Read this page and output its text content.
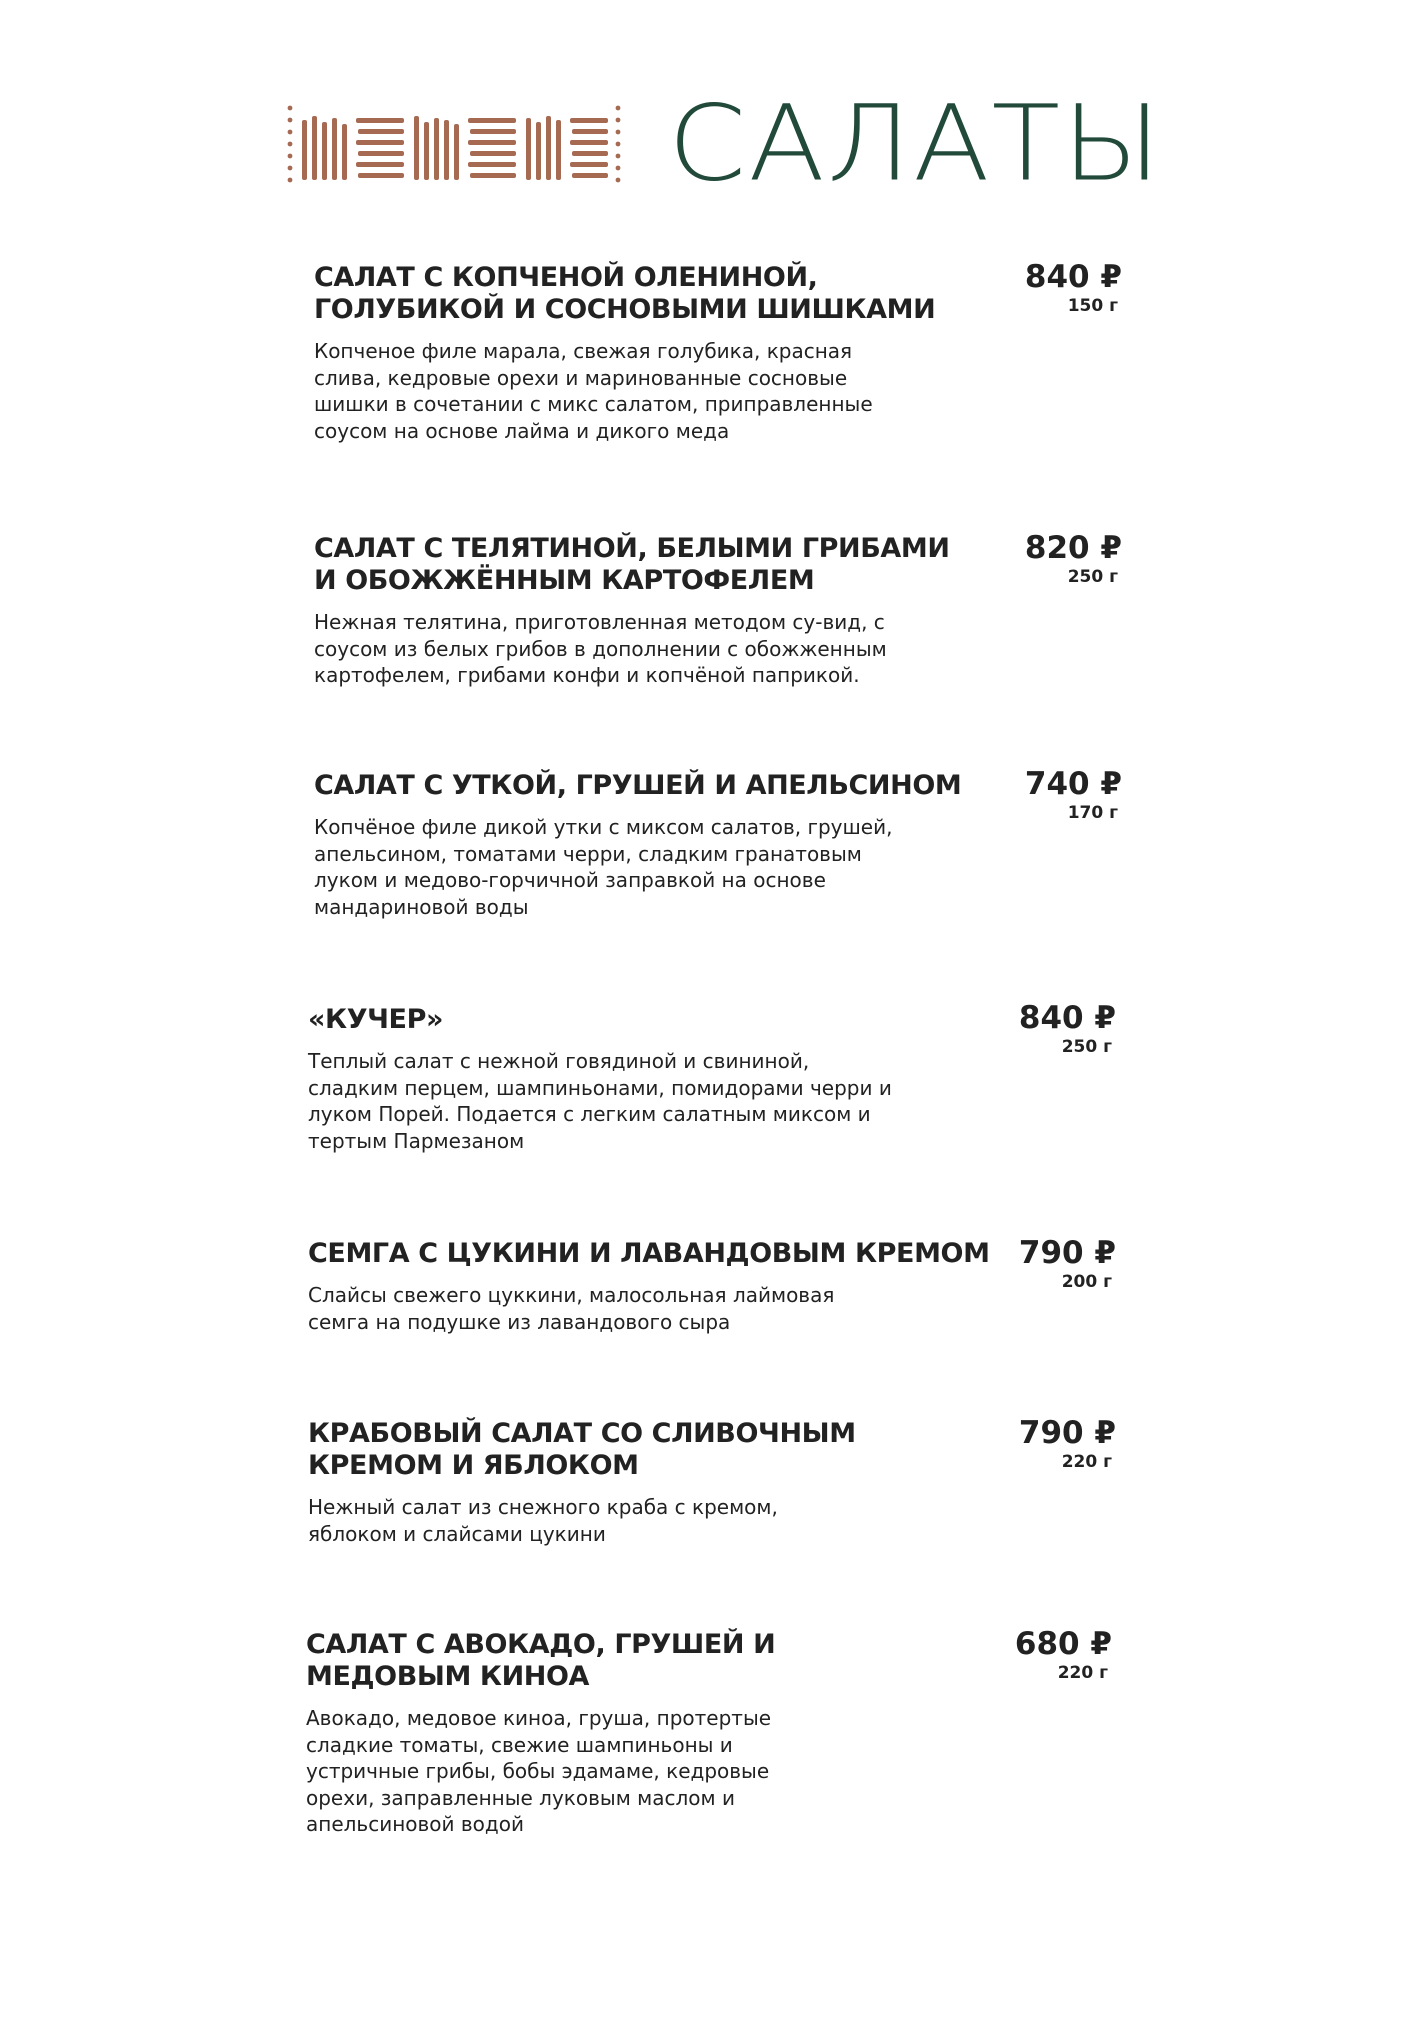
САЛАТЫ
САЛАТ С КОПЧЕНОЙ ОЛЕНИНОЙ,
ГОЛУБИКОЙ И СОСНОВЫМИ ШИШКАМИ
Копченое филе марала, свежая голубика, красная
слива, кедровые орехи и маринованные сосновые
шишки в сочетании с микс салатом, приправленные
соусом на основе лайма и дикого меда
840 ₽
150 г
САЛАТ С ТЕЛЯТИНОЙ, БЕЛЫМИ ГРИБАМИ
И ОБОЖЖЁННЫМ КАРТОФЕЛЕМ
Нежная телятина, приготовленная методом су-вид, с
соусом из белых грибов в дополнении с обожженным
картофелем, грибами конфи и копчёной паприкой.
820 ₽
250 г
САЛАТ С УТКОЙ, ГРУШЕЙ И АПЕЛЬСИНОМ
Копчёное филе дикой утки с миксом салатов, грушей,
апельсином, томатами черри, сладким гранатовым
луком и медово-горчичной заправкой на основе
мандариновой воды
740 ₽
170 г
«КУЧЕР»
Теплый салат с нежной говядиной и свининой,
сладким перцем, шампиньонами, помидорами черри и
луком Порей. Подается с легким салатным миксом и
тертым Пармезаном
840 ₽
250 г
СЕМГА С ЦУКИНИ И ЛАВАНДОВЫМ КРЕМОМ
Слайсы свежего цуккини, малосольная лаймовая
семга на подушке из лавандового сыра
790 ₽
200 г
КРАБОВЫЙ САЛАТ СО СЛИВОЧНЫМ
КРЕМОМ И ЯБЛОКОМ
Нежный салат из снежного краба с кремом,
яблоком и слайсами цукини
790 ₽
220 г
САЛАТ С АВОКАДО, ГРУШЕЙ И
МЕДОВЫМ КИНОА
Авокадо, медовое киноа, груша, протертые
сладкие томаты, свежие шампиньоны и
устричные грибы, бобы эдамаме, кедровые
орехи, заправленные луковым маслом и
апельсиновой водой
680 ₽
220 г
